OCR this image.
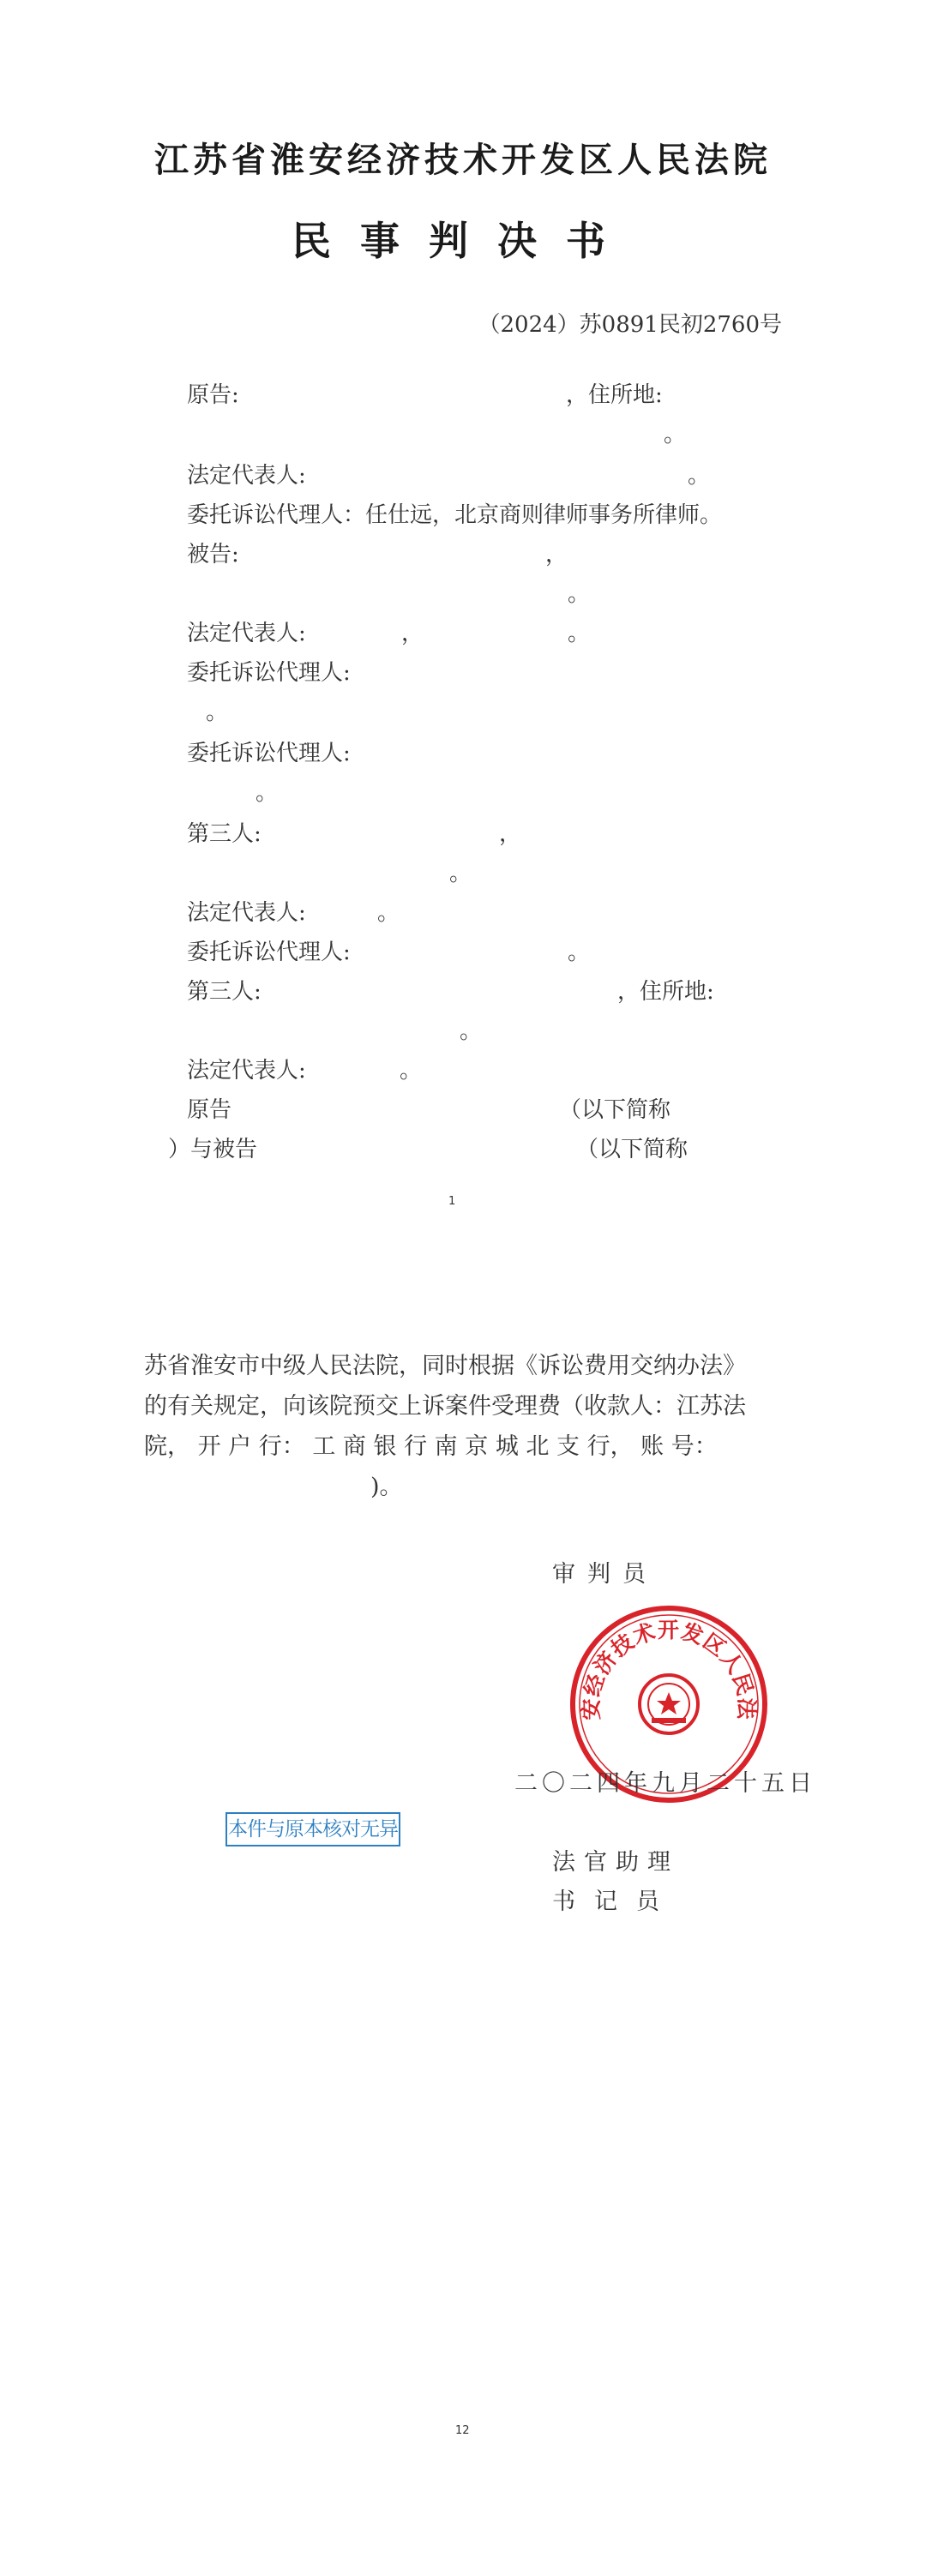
江苏省淮安经济技术开发区人民法院
民事判决书
（2024）苏0891民初2760号
原告:	，住所地:
。
法定代表人:	。
委托诉讼代理人：任仕远，北京商则律师事务所律师。
被告:	，
。
法定代表人:	，	。
委托诉讼代理人:
。
委托诉讼代理人:
。
第三人:	，
。
法定代表人:	。
委托诉讼代理人:	。
第三人:	，住所地:
。
法定代表人:	。
原告	（以下简称
）与被告	（以下简称
1

苏省淮安市中级人民法院，同时根据《诉讼费用交纳办法》

的有关规定，向该院预交上诉案件受理费（收款人：江苏法

院， 开 户 行： 工 商 银 行 南 京 城 北 支 行， 账 号：

)。

安经济技术开发区人民法
审判员
二〇二四年九月二十五日
法官助理
书记员
本件与原本核对无异
12
